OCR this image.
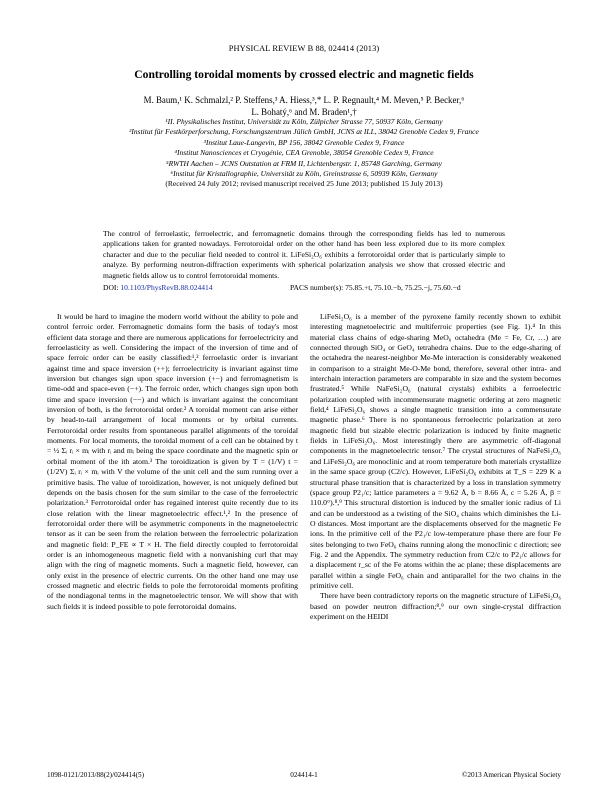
PHYSICAL REVIEW B 88, 024414 (2013)
Controlling toroidal moments by crossed electric and magnetic fields
M. Baum,¹ K. Schmalzl,² P. Steffens,³ A. Hiess,³,* L. P. Regnault,⁴ M. Meven,⁵ P. Becker,⁶
L. Bohatý,⁶ and M. Braden¹,†
¹II. Physikalisches Institut, Universität zu Köln, Zülpicher Strasse 77, 50937 Köln, Germany
²Institut für Festkörperforschung, Forschungszentrum Jülich GmbH, JCNS at ILL, 38042 Grenoble Cedex 9, France
³Institut Laue-Langevin, BP 156, 38042 Grenoble Cedex 9, France
⁴Institut Nanosciences et Cryogénie, CEA Grenoble, 38054 Grenoble Cedex 9, France
⁵RWTH Aachen – JCNS Outstation at FRM II, Lichtenbergstr. 1, 85748 Garching, Germany
⁶Institut für Kristallographie, Universität zu Köln, Greinstrasse 6, 50939 Köln, Germany
(Received 24 July 2012; revised manuscript received 25 June 2013; published 15 July 2013)
The control of ferroelastic, ferroelectric, and ferromagnetic domains through the corresponding fields has led to numerous applications taken for granted nowadays. Ferrotoroidal order on the other hand has been less explored due to its more complex character and due to the peculiar field needed to control it. LiFeSi₂O₆ exhibits a ferrotoroidal order that is particularly simple to analyze. By performing neutron-diffraction experiments with spherical polarization analysis we show that crossed electric and magnetic fields allow us to control ferrotoroidal moments.
DOI: 10.1103/PhysRevB.88.024414	PACS number(s): 75.85.+t, 75.10.−b, 75.25.−j, 75.60.−d

It would be hard to imagine the modern world without the ability to pole and control ferroic order. Ferromagnetic domains form the basis of today's most efficient data storage and there are numerous applications for ferroelectricity and ferroelasticity as well. Considering the impact of the inversion of time and of space ferroic order can be easily classified:¹,² ferroelastic order is invariant against time and space inversion (++); ferroelectricity is invariant against time inversion but changes sign upon space inversion (+−) and ferromagnetism is time-odd and space-even (−+). The ferroic order, which changes sign upon both time and space inversion (−−) and which is invariant against the concomitant inversion of both, is the ferrotoroidal order.² A toroidal moment can arise either by head-to-tail arrangement of local moments or by orbital currents. Ferrotoroidal order results from spontaneous parallel alignments of the toroidal moments. For local moments, the toroidal moment of a cell can be obtained by t = ½ Σᵢ rᵢ × mᵢ with rᵢ and mᵢ being the space coordinate and the magnetic spin or orbital moment of the ith atom.³ The toroidization is given by T = (1/V) t = (1/2V) Σᵢ rᵢ × mᵢ with V the volume of the unit cell and the sum running over a primitive basis. The value of toroidization, however, is not uniquely defined but depends on the basis chosen for the sum similar to the case of the ferroelectric polarization.³ Ferrotoroidal order has regained interest quite recently due to its close relation with the linear magnetoelectric effect.¹,² In the presence of ferrotoroidal order there will be asymmetric components in the magnetoelectric tensor as it can be seen from the relation between the ferroelectric polarization and magnetic field: P_FE ∝ T × H. The field directly coupled to ferrotoroidal order is an inhomogeneous magnetic field with a nonvanishing curl that may align with the ring of magnetic moments. Such a magnetic field, however, can only exist in the presence of electric currents. On the other hand one may use crossed magnetic and electric fields to pole the ferrotoroidal moments profiting of the nondiagonal terms in the magnetoelectric tensor. We will show that with such fields it is indeed possible to pole ferrotoroidal domains.

LiFeSi₂O₆ is a member of the pyroxene family recently shown to exhibit interesting magnetoelectric and multiferroic properties (see Fig. 1).⁴ In this material class chains of edge-sharing MeO₆ octahedra (Me = Fe, Cr, …) are connected through SiO₄ or GeO₄ tetrahedra chains. Due to the edge-sharing of the octahedra the nearest-neighbor Me-Me interaction is considerably weakened in comparison to a straight Me-O-Me bond, therefore, several other intra- and interchain interaction parameters are comparable in size and the system becomes frustrated.⁵ While NaFeSi₂O₆ (natural crystals) exhibits a ferroelectric polarization coupled with incommensurate magnetic ordering at zero magnetic field,⁴ LiFeSi₂O₆ shows a single magnetic transition into a commensurate magnetic phase.⁶ There is no spontaneous ferroelectric polarization at zero magnetic field but sizable electric polarization is induced by finite magnetic fields in LiFeSi₂O₆. Most interestingly there are asymmetric off-diagonal components in the magnetoelectric tensor.⁷ The crystal structures of NaFeSi₂O₆ and LiFeSi₂O₆ are monoclinic and at room temperature both materials crystallize in the same space group (C2/c). However, LiFeSi₂O₆ exhibits at T_S = 229 K a structural phase transition that is characterized by a loss in translation symmetry (space group P2₁/c; lattice parameters a = 9.62 Å, b = 8.66 Å, c = 5.26 Å, β = 110.0°).⁸,⁹ This structural distortion is induced by the smaller ionic radius of Li and can be understood as a twisting of the SiO₄ chains which diminishes the Li-O distances. Most important are the displacements observed for the magnetic Fe ions. In the primitive cell of the P2₁/c low-temperature phase there are four Fe sites belonging to two FeO₆ chains running along the monoclinic c direction; see Fig. 2 and the Appendix. The symmetry reduction from C2/c to P2₁/c allows for a displacement r_sc of the Fe atoms within the ac plane; these displacements are parallel within a single FeO₆ chain and antiparallel for the two chains in the primitive cell.

There have been contradictory reports on the magnetic structure of LiFeSi₂O₆ based on powder neutron diffraction;⁸,⁹ our own single-crystal diffraction experiment on the HEIDI

1098-0121/2013/88(2)/024414(5)	024414-1	©2013 American Physical Society
